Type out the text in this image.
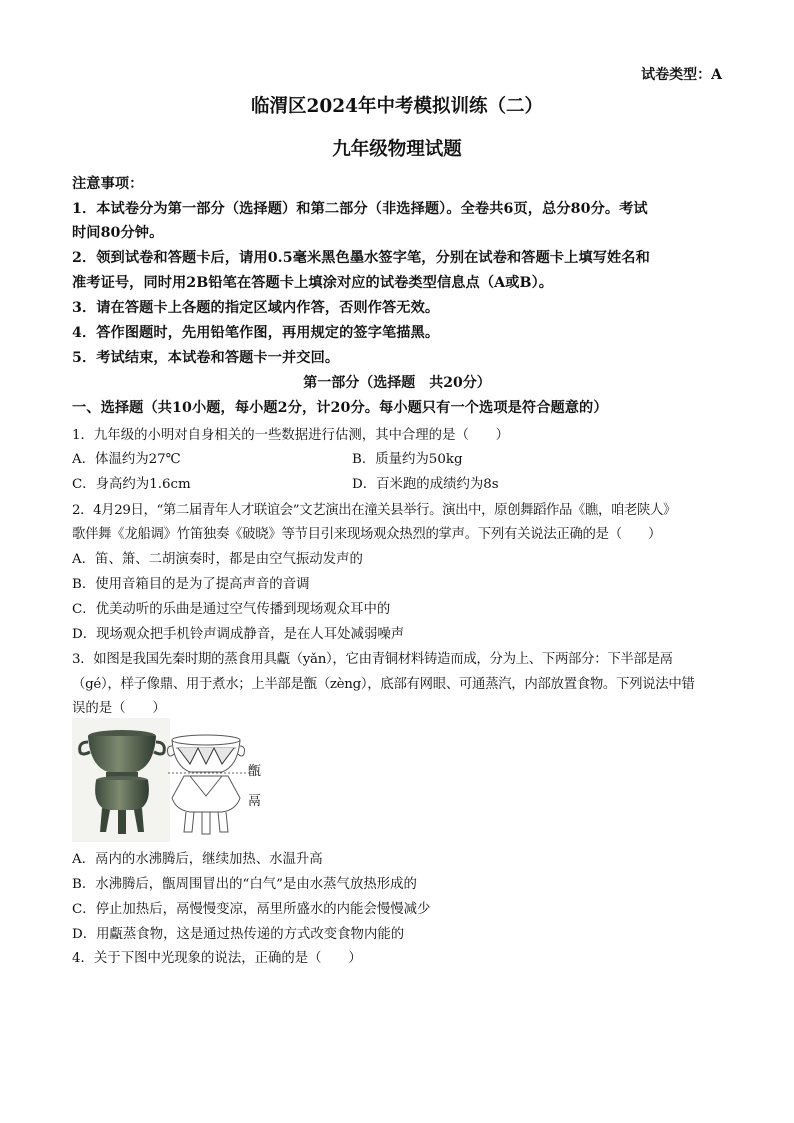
试卷类型：A
临渭区2024年中考模拟训练（二）
九年级物理试题
注意事项：
1．本试卷分为第一部分（选择题）和第二部分（非选择题）。全卷共6页，总分80分。考试
时间80分钟。
2．领到试卷和答题卡后，请用0.5毫米黑色墨水签字笔，分别在试卷和答题卡上填写姓名和
准考证号，同时用2B铅笔在答题卡上填涂对应的试卷类型信息点（A或B）。
3．请在答题卡上各题的指定区域内作答，否则作答无效。
4．答作图题时，先用铅笔作图，再用规定的签字笔描黑。
5．考试结束，本试卷和答题卡一并交回。
第一部分（选择题　共20分）
一、选择题（共10小题，每小题2分，计20分。每小题只有一个选项是符合题意的）
1．九年级的小明对自身相关的一些数据进行估测，其中合理的是（　　）
A．体温约为27℃	B．质量约为50kg
C．身高约为1.6cm	D．百米跑的成绩约为8s
2．4月29日，“第二届青年人才联谊会”文艺演出在潼关县举行。演出中，原创舞蹈作品《瞧，咱老陕人》
歌伴舞《龙船调》竹笛独奏《破晓》等节目引来现场观众热烈的掌声。下列有关说法正确的是（　　）
A．笛、箫、二胡演奏时，都是由空气振动发声的
B．使用音箱目的是为了提高声音的音调
C．优美动听的乐曲是通过空气传播到现场观众耳中的
D．现场观众把手机铃声调成静音，是在人耳处减弱噪声
3．如图是我国先秦时期的蒸食用具甗（yǎn），它由青铜材料铸造而成，分为上、下两部分：下半部是鬲
（gé），样子像鼎、用于煮水；上半部是甑（zèng），底部有网眼、可通蒸汽，内部放置食物。下列说法中错
误的是（　　）
甑
鬲
A．鬲内的水沸腾后，继续加热、水温升高
B．水沸腾后，甑周围冒出的“白气”是由水蒸气放热形成的
C．停止加热后，鬲慢慢变凉，鬲里所盛水的内能会慢慢减少
D．用甗蒸食物，这是通过热传递的方式改变食物内能的
4．关于下图中光现象的说法，正确的是（　　）
